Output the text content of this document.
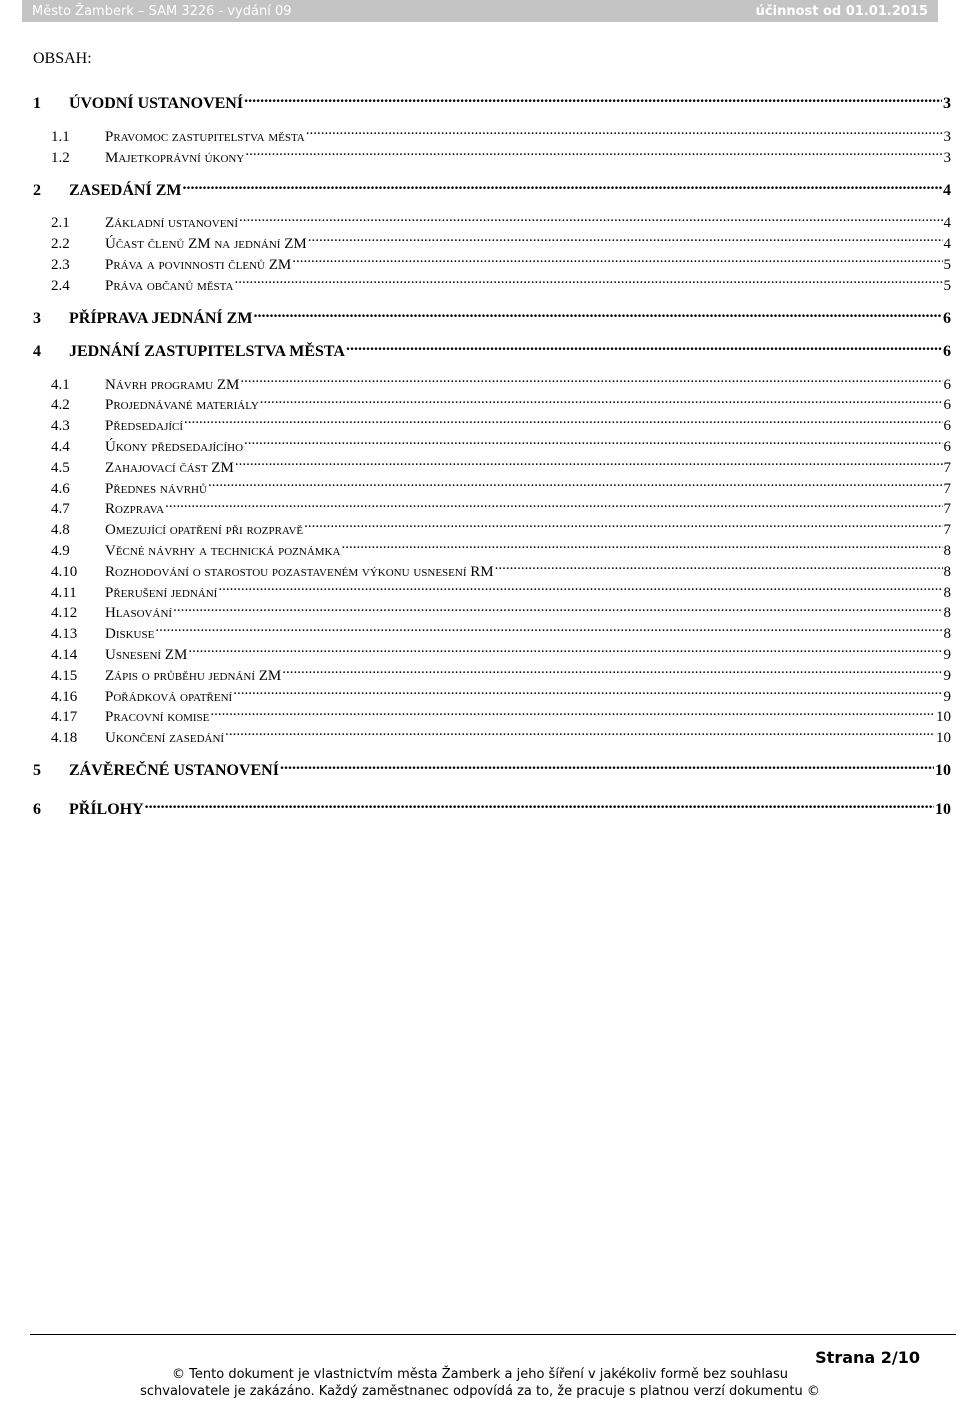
Město Žamberk – SAM 3226 - vydání 09	účinnost od 01.01.2015
OBSAH:
1	ÚVODNÍ USTANOVENÍ .....	3
1.1	Pravomoc zastupitelstva města .....	3
1.2	Majetkoprávní úkony .....	3
2	ZASEDÁNÍ ZM .....	4
2.1	Základní ustanovení .....	4
2.2	Účast členů ZM na jednání ZM .....	4
2.3	Práva a povinnosti členů ZM .....	5
2.4	Práva občanů města .....	5
3	PŘÍPRAVA JEDNÁNÍ ZM .....	6
4	JEDNÁNÍ ZASTUPITELSTVA MĚSTA .....	6
4.1	Návrh programu ZM .....	6
4.2	Projednávané materiály .....	6
4.3	Předsedající .....	6
4.4	Úkony předsedajícího .....	6
4.5	Zahajovací část ZM .....	7
4.6	Přednes návrhů .....	7
4.7	Rozprava .....	7
4.8	Omezující opatření při rozpravě .....	7
4.9	Věcné návrhy a technická poznámka .....	8
4.10	Rozhodování o starostou pozastaveném výkonu usnesení RM .....	8
4.11	Přerušení jednání .....	8
4.12	Hlasování .....	8
4.13	Diskuse .....	8
4.14	Usnesení ZM .....	9
4.15	Zápis o průběhu jednání ZM .....	9
4.16	Pořádková opatření .....	9
4.17	Pracovní komise .....	10
4.18	Ukončení zasedání .....	10
5	ZÁVĚREČNÉ USTANOVENÍ .....	10
6	PŘÍLOHY .....	10
Strana 2/10
© Tento dokument je vlastnictvím města Žamberk a jeho šíření v jakékoliv formě bez souhlasu
schvalovatele je zakázáno. Každý zaměstnanec odpovídá za to, že pracuje s platnou verzí dokumentu ©
